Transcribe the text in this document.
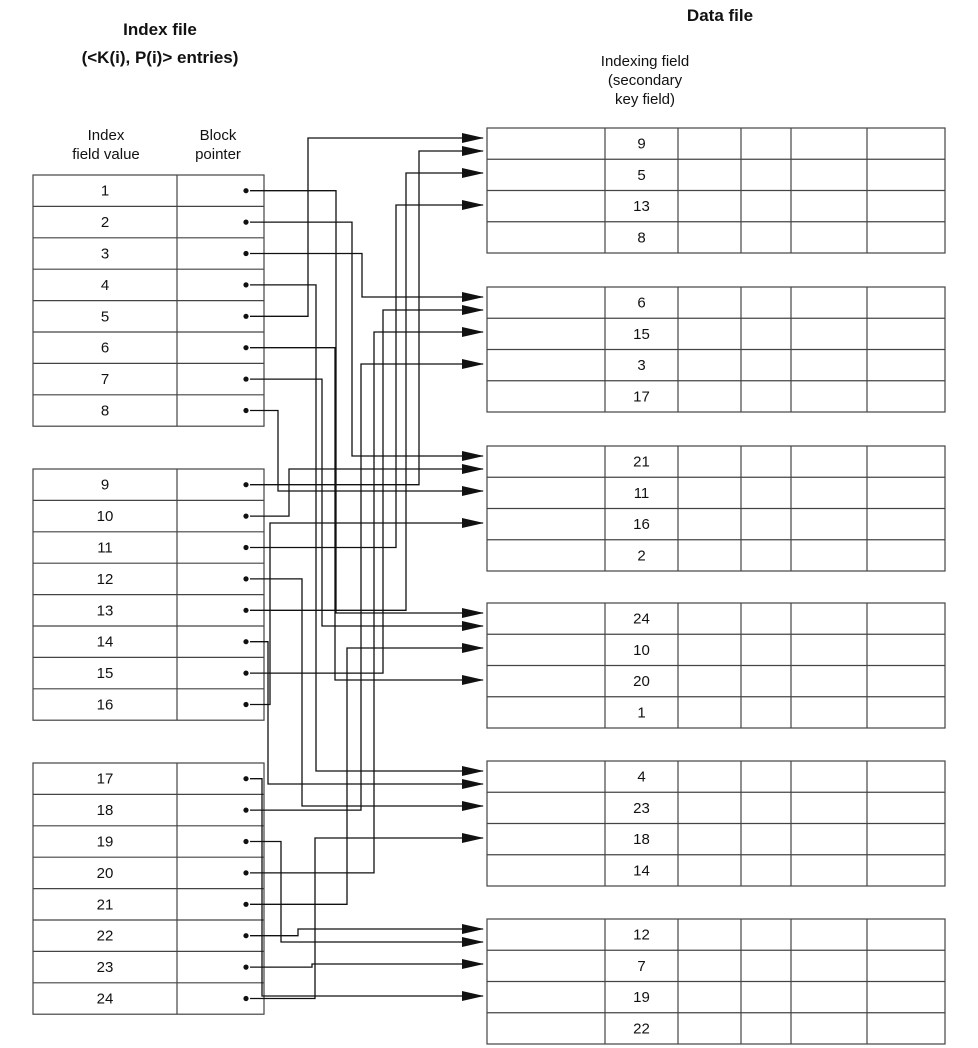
Index file
(<K(i), P(i)> entries)
Data file
Indexing field
(secondary
key field)
Index
field value
Block
pointer
1
2
3
4
5
6
7
8
9
10
11
12
13
14
15
16
17
18
19
20
21
22
23
24
9
5
13
8
6
15
3
17
21
11
16
2
24
10
20
1
4
23
18
14
12
7
19
22
